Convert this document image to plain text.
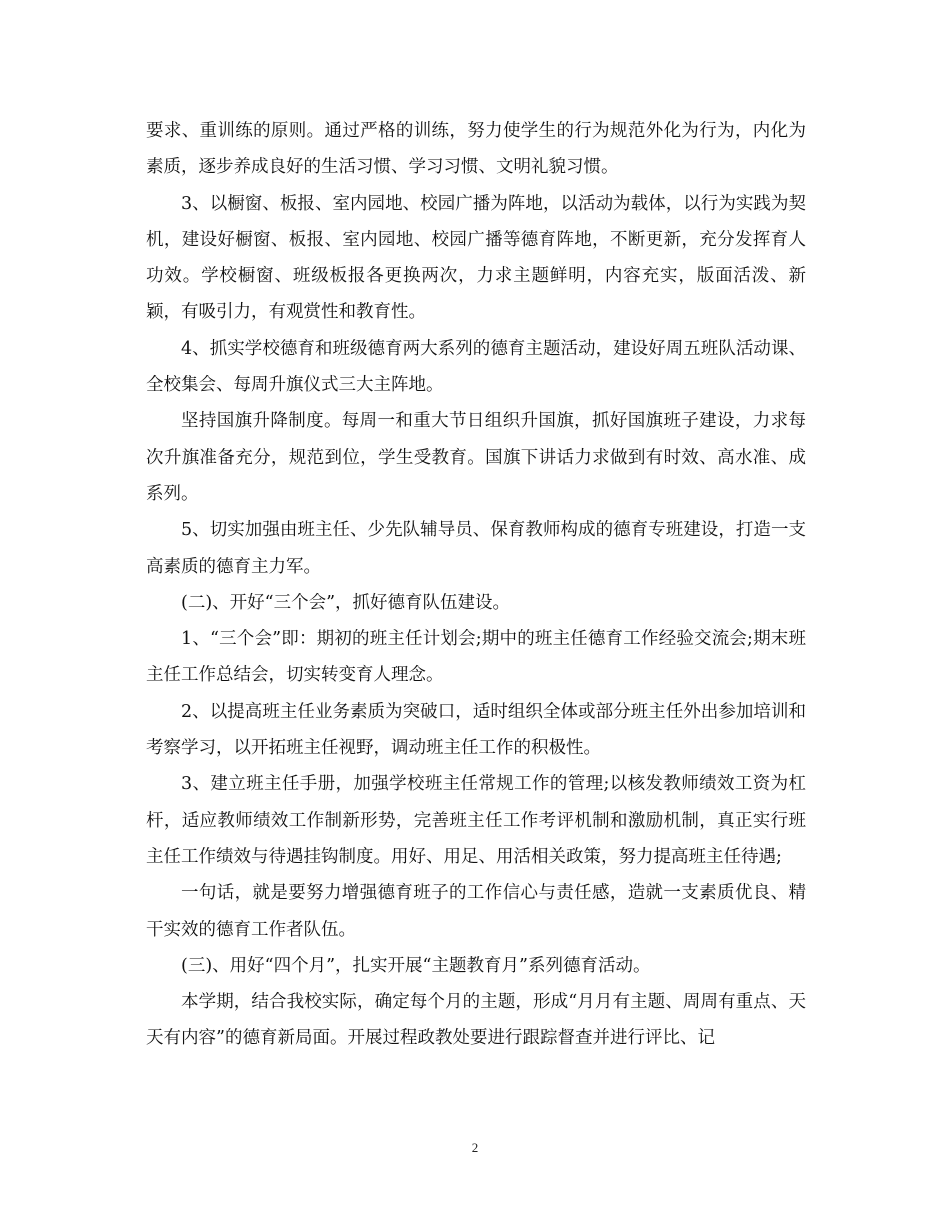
要求、重训练的原则。通过严格的训练，努力使学生的行为规范外化为行为，内化为素质，逐步养成良好的生活习惯、学习习惯、文明礼貌习惯。

3、以橱窗、板报、室内园地、校园广播为阵地，以活动为载体，以行为实践为契机，建设好橱窗、板报、室内园地、校园广播等德育阵地，不断更新，充分发挥育人功效。学校橱窗、班级板报各更换两次，力求主题鲜明，内容充实，版面活泼、新颖，有吸引力，有观赏性和教育性。

4、抓实学校德育和班级德育两大系列的德育主题活动，建设好周五班队活动课、全校集会、每周升旗仪式三大主阵地。

坚持国旗升降制度。每周一和重大节日组织升国旗，抓好国旗班子建设，力求每次升旗准备充分，规范到位，学生受教育。国旗下讲话力求做到有时效、高水准、成系列。

5、切实加强由班主任、少先队辅导员、保育教师构成的德育专班建设，打造一支高素质的德育主力军。

(二)、开好“三个会”，抓好德育队伍建设。

1、“三个会”即：期初的班主任计划会;期中的班主任德育工作经验交流会;期末班主任工作总结会，切实转变育人理念。

2、以提高班主任业务素质为突破口，适时组织全体或部分班主任外出参加培训和考察学习，以开拓班主任视野，调动班主任工作的积极性。

3、建立班主任手册，加强学校班主任常规工作的管理;以核发教师绩效工资为杠杆，适应教师绩效工作制新形势，完善班主任工作考评机制和激励机制，真正实行班主任工作绩效与待遇挂钩制度。用好、用足、用活相关政策，努力提高班主任待遇;

一句话，就是要努力增强德育班子的工作信心与责任感，造就一支素质优良、精干实效的德育工作者队伍。

(三)、用好“四个月”，扎实开展“主题教育月”系列德育活动。

本学期，结合我校实际，确定每个月的主题，形成“月月有主题、周周有重点、天天有内容”的德育新局面。开展过程政教处要进行跟踪督查并进行评比、记

2
